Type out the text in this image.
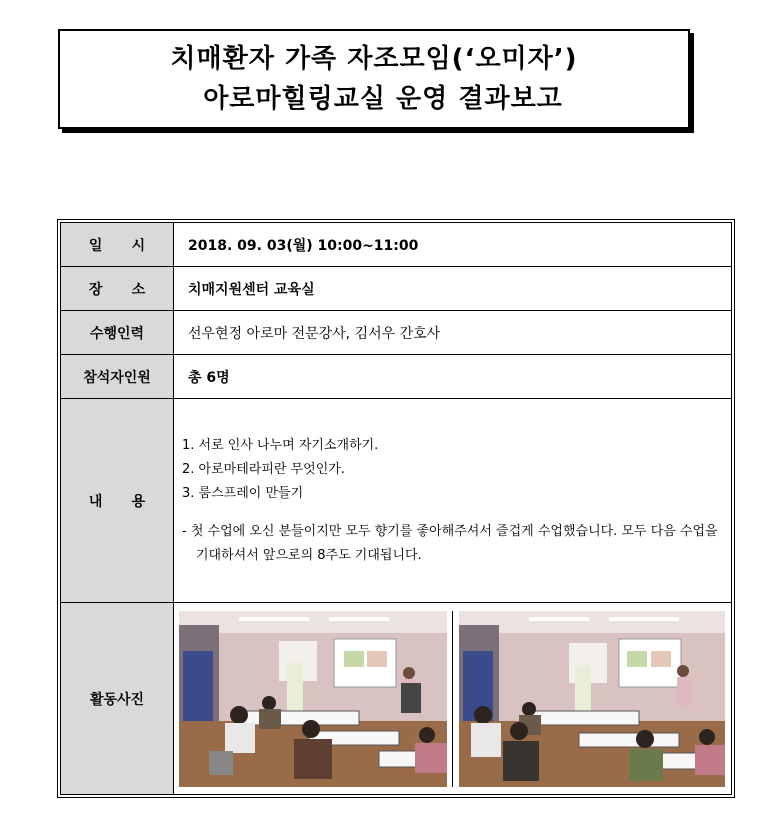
치매환자 가족 자조모임(‘오미자’)
아로마힐링교실 운영 결과보고
일      시	2018. 09. 03(월) 10:00~11:00
장      소	치매지원센터 교육실
수행인력	선우현정 아로마 전문강사, 김서우 간호사
참석자인원	총 6명
내      용	1. 서로 인사 나누며 자기소개하기.
2. 아로마테라피란 무엇인가.
3. 룸스프레이 만들기
- 첫 수업에 오신 분들이지만 모두 향기를 좋아해주셔서 즐겁게 수업했습니다. 모두 다음 수업을 기대하셔서 앞으로의 8주도 기대됩니다.

활동사진	
